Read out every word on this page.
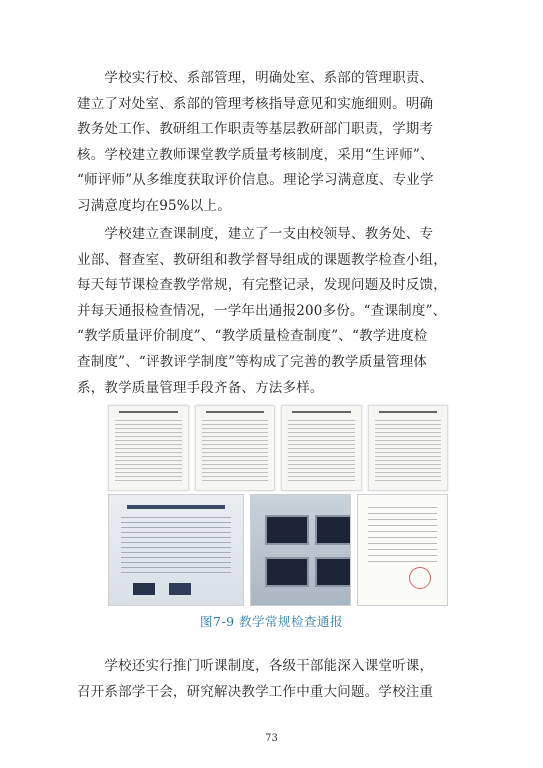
　　学校实行校、系部管理，明确处室、系部的管理职责、
建立了对处室、系部的管理考核指导意见和实施细则。明确
教务处工作、教研组工作职责等基层教研部门职责，学期考
核。学校建立教师课堂教学质量考核制度，采用“生评师”、
“师评师”从多维度获取评价信息。理论学习满意度、专业学
习满意度均在95%以上。

　　学校建立查课制度，建立了一支由校领导、教务处、专
业部、督查室、教研组和教学督导组成的课题教学检查小组，
每天每节课检查教学常规，有完整记录，发现问题及时反馈，
并每天通报检查情况，一学年出通报200多份。“查课制度”、
“教学质量评价制度”、“教学质量检查制度”、“教学进度检
查制度”、“评教评学制度”等构成了完善的教学质量管理体
系，教学质量管理手段齐备、方法多样。

图7-9 教学常规检查通报

　　学校还实行推门听课制度，各级干部能深入课堂听课，
召开系部学干会，研究解决教学工作中重大问题。学校注重

73
